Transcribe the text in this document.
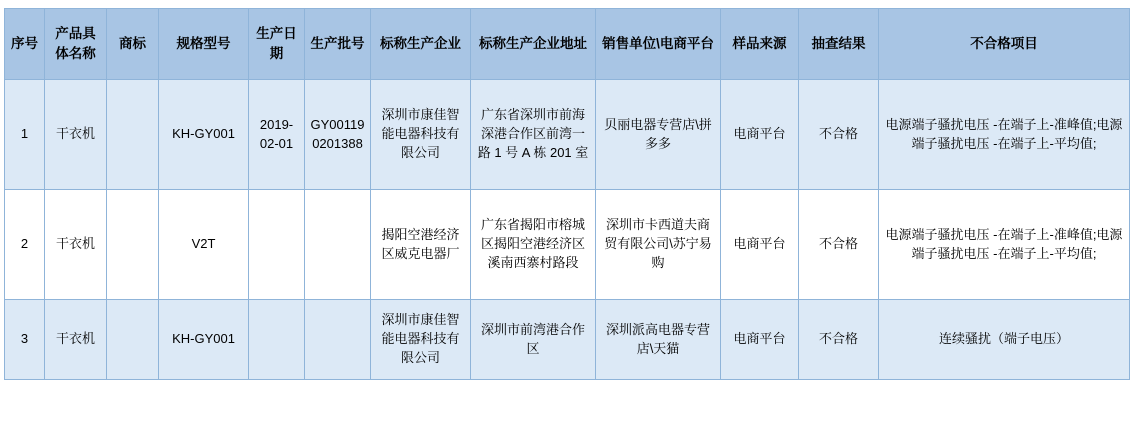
序号	产品具体名称	商标	规格型号	生产日期	生产批号	标称生产企业	标称生产企业地址	销售单位\电商平台	样品来源	抽查结果	不合格项目
1	干衣机		KH-GY001	2019-02-01	GY001190201388	深圳市康佳智能电器科技有限公司	广东省深圳市前海深港合作区前湾一路 1 号 A 栋 201 室	贝丽电器专营店\拼多多	电商平台	不合格	电源端子骚扰电压 -在端子上-准峰值;电源端子骚扰电压 -在端子上-平均值;
2	干衣机		V2T			揭阳空港经济区威克电器厂	广东省揭阳市榕城区揭阳空港经济区溪南西寨村路段	深圳市卡西道夫商贸有限公司\苏宁易购	电商平台	不合格	电源端子骚扰电压 -在端子上-准峰值;电源端子骚扰电压 -在端子上-平均值;
3	干衣机		KH-GY001			深圳市康佳智能电器科技有限公司	深圳市前湾港合作区	深圳派高电器专营店\天猫	电商平台	不合格	连续骚扰（端子电压）
